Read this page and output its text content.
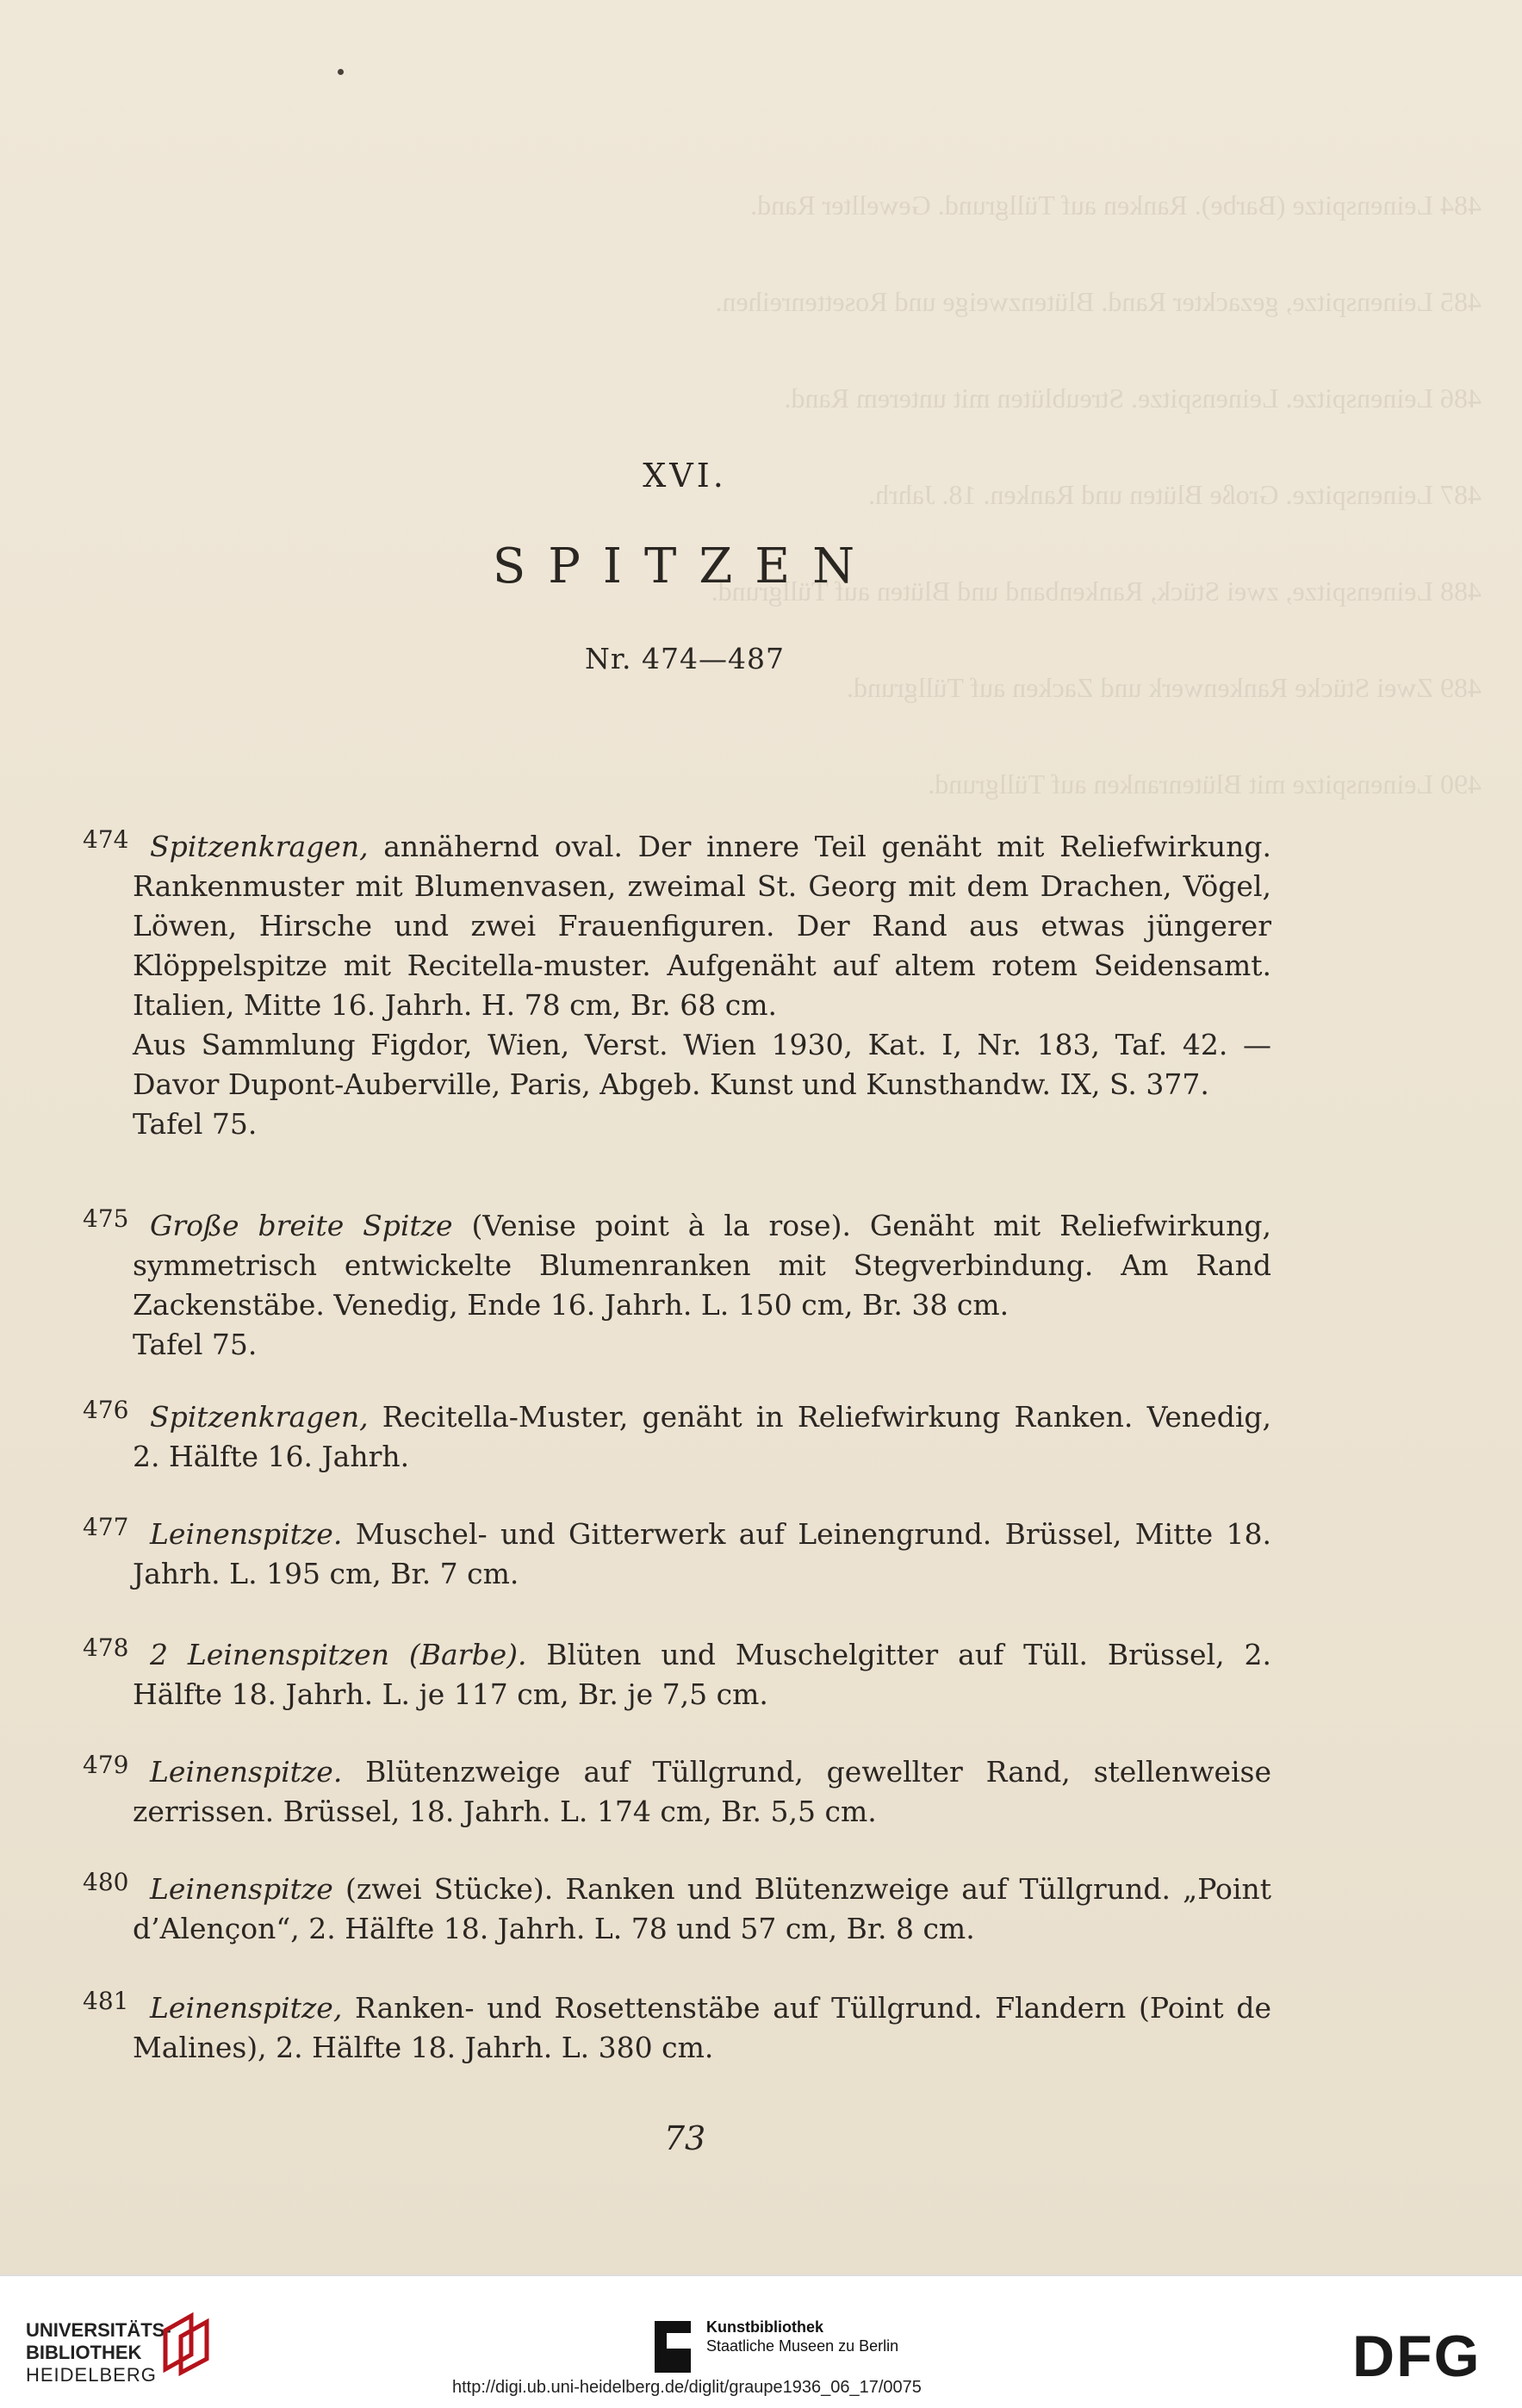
484 Leinenspitze (Barbe). Ranken auf Tüllgrund. Gewellter Rand.

485 Leinenspitze, gezackter Rand. Blütenzweige und Rosettenreihen.

486 Leinenspitze. Leinenspitze. Streublüten mit unterem Rand.

487 Leinenspitze. Große Blüten und Ranken. 18. Jahrh.

488 Leinenspitze, zwei Stück, Rankenband und Blüten auf Tüllgrund.

489 Zwei Stücke Rankenwerk und Zacken auf Tüllgrund.

490 Leinenspitze mit Blütenranken auf Tüllgrund.
XVI.
SPITZEN
Nr. 474—487
474 Spitzenkragen, annähernd oval. Der innere Teil genäht mit Reliefwirkung. Rankenmuster mit Blumenvasen, zweimal St. Georg mit dem Drachen, Vögel, Löwen, Hirsche und zwei Frauenfiguren. Der Rand aus etwas jüngerer Klöppelspitze mit Recitella-muster. Aufgenäht auf altem rotem Seidensamt. Italien, Mitte 16. Jahrh. H. 78 cm, Br. 68 cm.

Aus Sammlung Figdor, Wien, Verst. Wien 1930, Kat. I, Nr. 183, Taf. 42. — Davor Dupont-Auberville, Paris, Abgeb. Kunst und Kunsthandw. IX, S. 377.

Tafel 75.

475 Große breite Spitze (Venise point à la rose). Genäht mit Reliefwirkung, symmetrisch entwickelte Blumenranken mit Stegverbindung. Am Rand Zackenstäbe. Venedig, Ende 16. Jahrh. L. 150 cm, Br. 38 cm.

Tafel 75.

476 Spitzenkragen, Recitella-Muster, genäht in Reliefwirkung Ranken. Venedig, 2. Hälfte 16. Jahrh.

477 Leinenspitze. Muschel- und Gitterwerk auf Leinengrund. Brüssel, Mitte 18. Jahrh. L. 195 cm, Br. 7 cm.

478 2 Leinenspitzen (Barbe). Blüten und Muschelgitter auf Tüll. Brüssel, 2. Hälfte 18. Jahrh. L. je 117 cm, Br. je 7,5 cm.

479 Leinenspitze. Blütenzweige auf Tüllgrund, gewellter Rand, stellenweise zerrissen. Brüssel, 18. Jahrh. L. 174 cm, Br. 5,5 cm.

480 Leinenspitze (zwei Stücke). Ranken und Blütenzweige auf Tüllgrund. „Point d’Alençon“, 2. Hälfte 18. Jahrh. L. 78 und 57 cm, Br. 8 cm.

481 Leinenspitze, Ranken- und Rosettenstäbe auf Tüllgrund. Flandern (Point de Malines), 2. Hälfte 18. Jahrh. L. 380 cm.

73
UNIVERSITÄTS-
BIBLIOTHEK
HEIDELBERG
Kunstbibliothek
Staatliche Museen zu Berlin	DFG
http://digi.ub.uni-heidelberg.de/diglit/graupe1936_06_17/0075
